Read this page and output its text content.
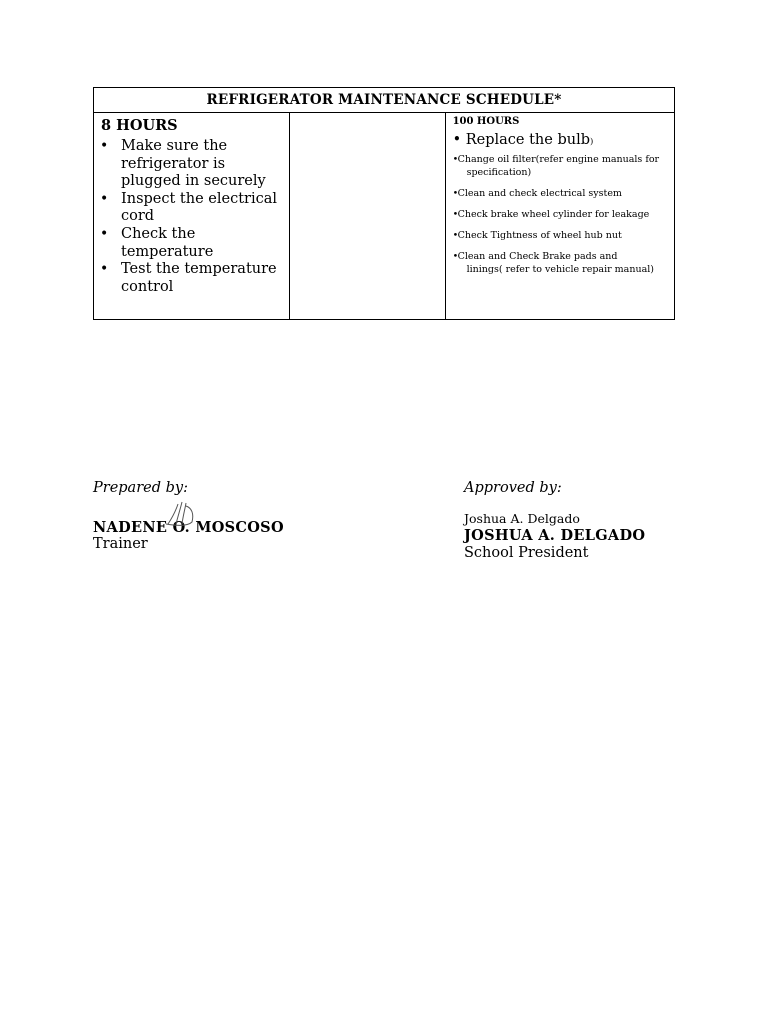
REFRIGERATOR MAINTENANCE SCHEDULE*

8 HOURS
• Make sure the refrigerator is plugged in securely
• Inspect the electrical cord
• Check the temperature
• Test the temperature control

100 HOURS
• Replace the bulb)
• Change oil filter(refer engine manuals for
specification)
• Clean and check electrical system
• Check brake wheel cylinder for leakage
• Check Tightness of wheel hub nut
• Clean and Check Brake pads and
linings( refer to vehicle repair manual)
Prepared by:
NADENE O. MOSCOSO
Trainer
Approved by:
Joshua A. Delgado
JOSHUA A. DELGADO
School President
